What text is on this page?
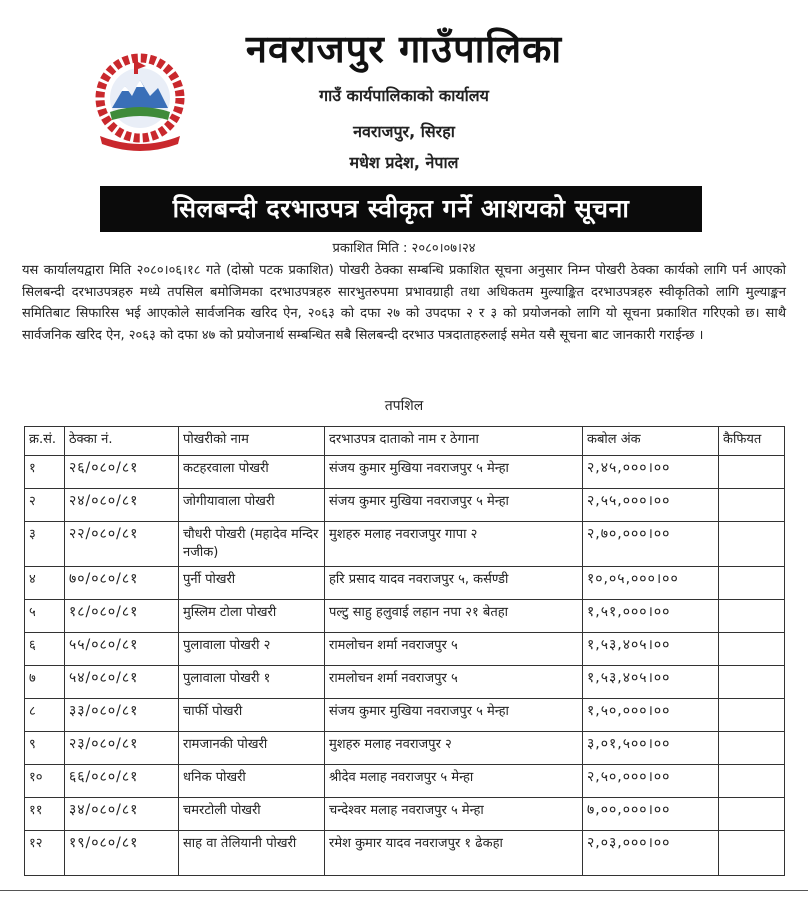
नवराजपुर गाउँपालिका
गाउँ कार्यपालिकाको कार्यालय
नवराजपुर, सिरहा
मधेश प्रदेश, नेपाल
सिलबन्दी दरभाउपत्र स्वीकृत गर्ने आशयको सूचना
प्रकाशित मिति : २०८०।०७।२४
यस कार्यालयद्वारा मिति २०८०।०६।१८ गते (दोस्रो पटक प्रकाशित) पोखरी ठेक्का सम्बन्धि प्रकाशित सूचना अनुसार निम्न पोखरी ठेक्का कार्यको लागि पर्न आएको सिलबन्दी दरभाउपत्रहरु मध्ये तपसिल बमोजिमका दरभाउपत्रहरु सारभुतरुपमा प्रभावग्राही तथा अधिकतम मुल्याङ्कित दरभाउपत्रहरु स्वीकृतिको लागि मुल्याङ्कन समितिबाट सिफारिस भई आएकोले सार्वजनिक खरिद ऐन, २०६३ को दफा २७ को उपदफा २ र ३ को प्रयोजनको लागि यो सूचना प्रकाशित गरिएको छ। साथै सार्वजनिक खरिद ऐन, २०६३ को दफा ४७ को प्रयोजनार्थ सम्बन्धित सबै सिलबन्दी दरभाउ पत्रदाताहरुलाई समेत यसै सूचना बाट जानकारी गराईन्छ ।
तपशिल
क्र.सं.	ठेक्का नं.	पोखरीको नाम	दरभाउपत्र दाताको नाम र ठेगाना	कबोल अंक	कैफियत
१	२६/०८०/८१	कटहरवाला पोखरी	संजय कुमार मुखिया नवराजपुर ५ मेन्हा	२,४५,०००।००	
२	२४/०८०/८१	जोगीयावाला पोखरी	संजय कुमार मुखिया नवराजपुर ५ मेन्हा	२,५५,०००।००	
३	२२/०८०/८१	चौधरी पोखरी (महादेव मन्दिर नजीक)	मुशहरु मलाह नवराजपुर गापा २	२,७०,०००।००	
४	७०/०८०/८१	पुर्नी पोखरी	हरि प्रसाद यादव नवराजपुर ५, कर्सण्डी	१०,०५,०००।००	
५	१८/०८०/८१	मुस्लिम टोला पोखरी	पल्टु साहु हलुवाई लहान नपा २१ बेतहा	१,५१,०००।००	
६	५५/०८०/८१	पुलावाला पोखरी २	रामलोचन शर्मा नवराजपुर ५	१,५३,४०५।००	
७	५४/०८०/८१	पुलावाला पोखरी १	रामलोचन शर्मा नवराजपुर ५	१,५३,४०५।००	
८	३३/०८०/८१	चार्फी पोखरी	संजय कुमार मुखिया नवराजपुर ५ मेन्हा	१,५०,०००।००	
९	२३/०८०/८१	रामजानकी पोखरी	मुशहरु मलाह नवराजपुर २	३,०१,५००।००	
१०	६६/०८०/८१	धनिक पोखरी	श्रीदेव मलाह नवराजपुर ५ मेन्हा	२,५०,०००।००	
११	३४/०८०/८१	चमरटोली पोखरी	चन्देश्वर मलाह नवराजपुर ५ मेन्हा	७,००,०००।००	
१२	१९/०८०/८१	साह वा तेलियानी पोखरी	रमेश कुमार यादव नवराजपुर १ ढेकहा	२,०३,०००।००	
